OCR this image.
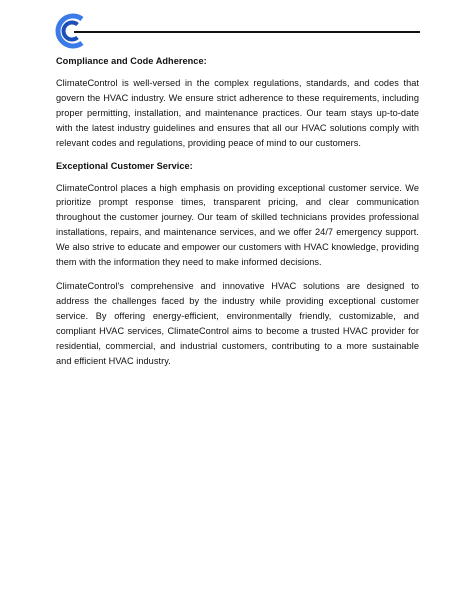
Compliance and Code Adherence:

ClimateControl is well-versed in the complex regulations, standards, and codes that govern the HVAC industry. We ensure strict adherence to these requirements, including proper permitting, installation, and maintenance practices. Our team stays up-to-date with the latest industry guidelines and ensures that all our HVAC solutions comply with relevant codes and regulations, providing peace of mind to our customers.

Exceptional Customer Service:

ClimateControl places a high emphasis on providing exceptional customer service. We prioritize prompt response times, transparent pricing, and clear communication throughout the customer journey. Our team of skilled technicians provides professional installations, repairs, and maintenance services, and we offer 24/7 emergency support. We also strive to educate and empower our customers with HVAC knowledge, providing them with the information they need to make informed decisions.

ClimateControl's comprehensive and innovative HVAC solutions are designed to address the challenges faced by the industry while providing exceptional customer service. By offering energy-efficient, environmentally friendly, customizable, and compliant HVAC services, ClimateControl aims to become a trusted HVAC provider for residential, commercial, and industrial customers, contributing to a more sustainable and efficient HVAC industry.
